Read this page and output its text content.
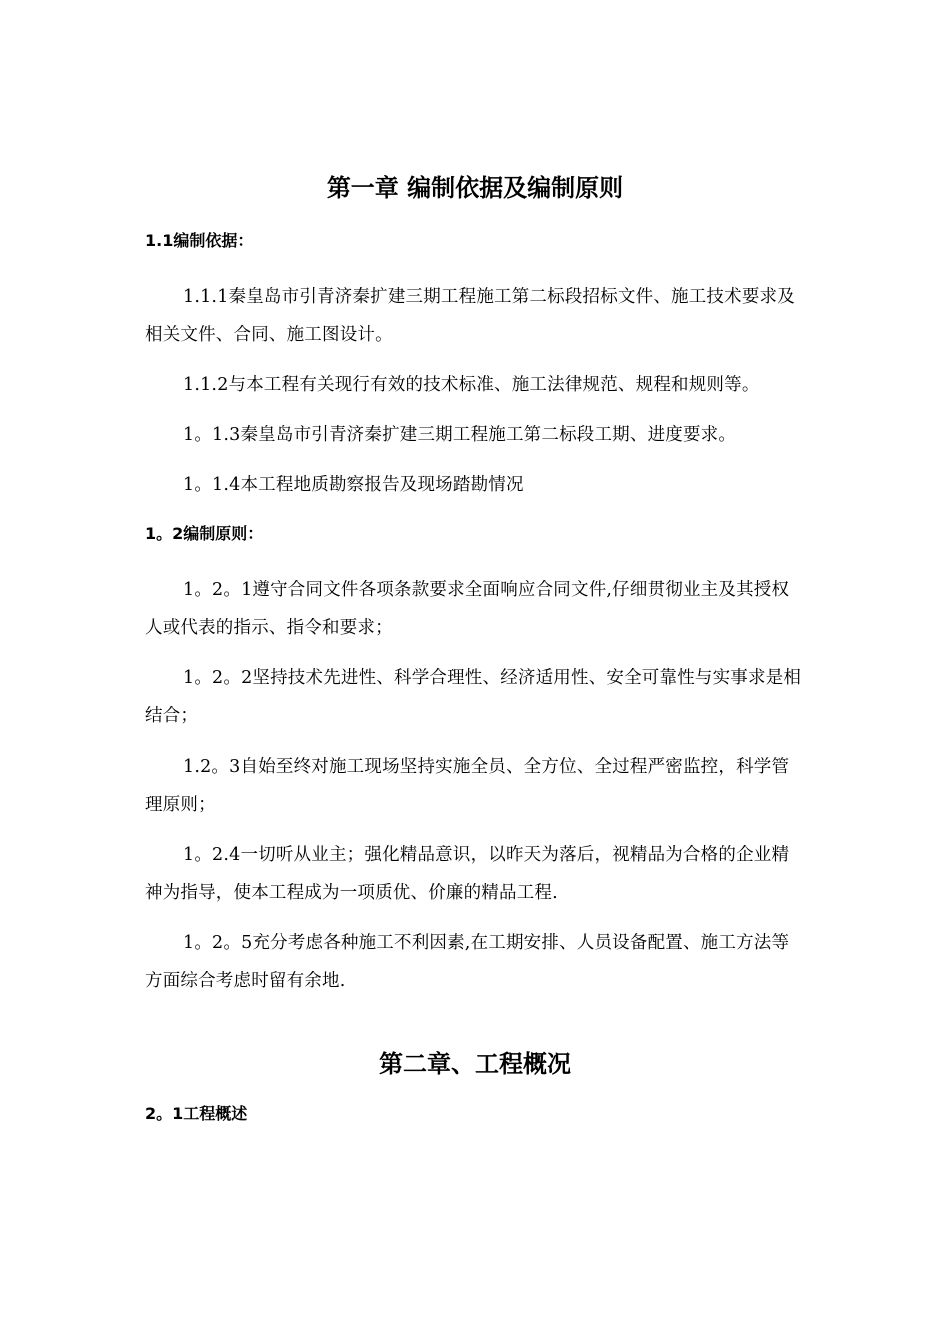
第一章 编制依据及编制原则
1.1编制依据：

1.1.1秦皇岛市引青济秦扩建三期工程施工第二标段招标文件、施工技术要求及相关文件、合同、施工图设计。

1.1.2与本工程有关现行有效的技术标准、施工法律规范、规程和规则等。

1。1.3秦皇岛市引青济秦扩建三期工程施工第二标段工期、进度要求。

1。1.4本工程地质勘察报告及现场踏勘情况

1。2编制原则：

1。2。1遵守合同文件各项条款要求全面响应合同文件,仔细贯彻业主及其授权人或代表的指示、指令和要求；

1。2。2坚持技术先进性、科学合理性、经济适用性、安全可靠性与实事求是相结合；

1.2。3自始至终对施工现场坚持实施全员、全方位、全过程严密监控，科学管理原则；

1。2.4一切听从业主；强化精品意识，以昨天为落后，视精品为合格的企业精神为指导，使本工程成为一项质优、价廉的精品工程.

1。2。5充分考虑各种施工不利因素,在工期安排、人员设备配置、施工方法等方面综合考虑时留有余地.

第二章、工程概况
2。1工程概述
